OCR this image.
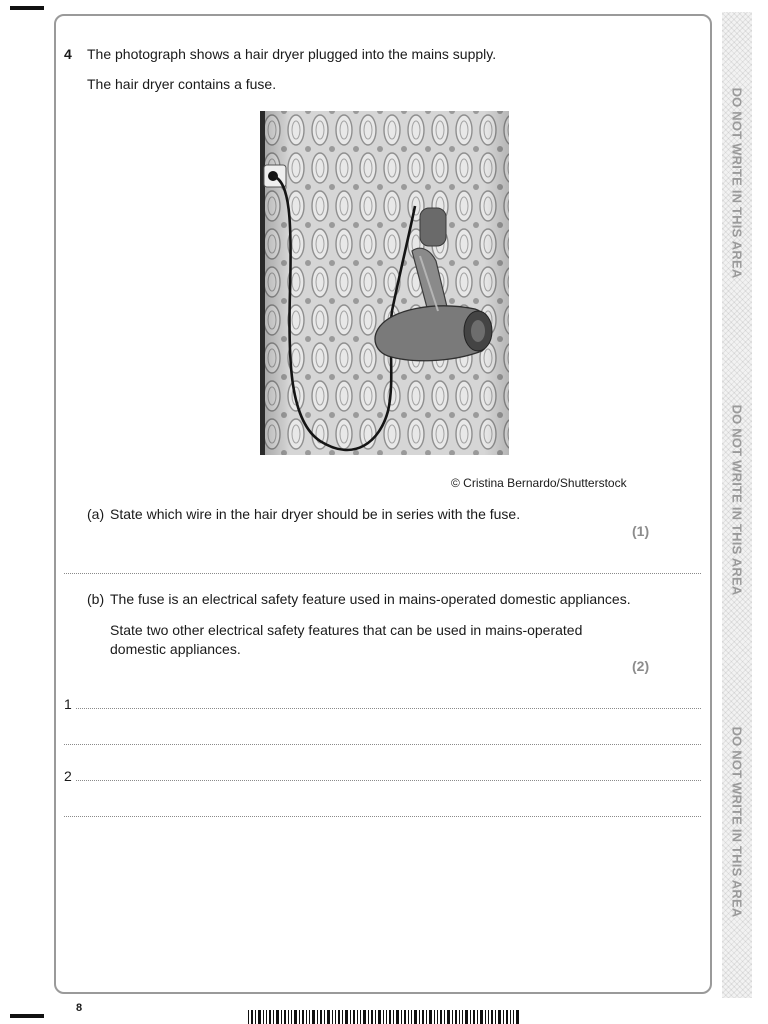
DO NOT WRITE IN THIS AREA
DO NOT WRITE IN THIS AREA
DO NOT WRITE IN THIS AREA
4 The photograph shows a hair dryer plugged into the mains supply.
The hair dryer contains a fuse.
© Cristina Bernardo/Shutterstock
(a) State which wire in the hair dryer should be in series with the fuse.
(1)
(b) The fuse is an electrical safety feature used in mains-operated domestic appliances.
State two other electrical safety features that can be used in mains-operated
domestic appliances.
(2)
1
2
8
